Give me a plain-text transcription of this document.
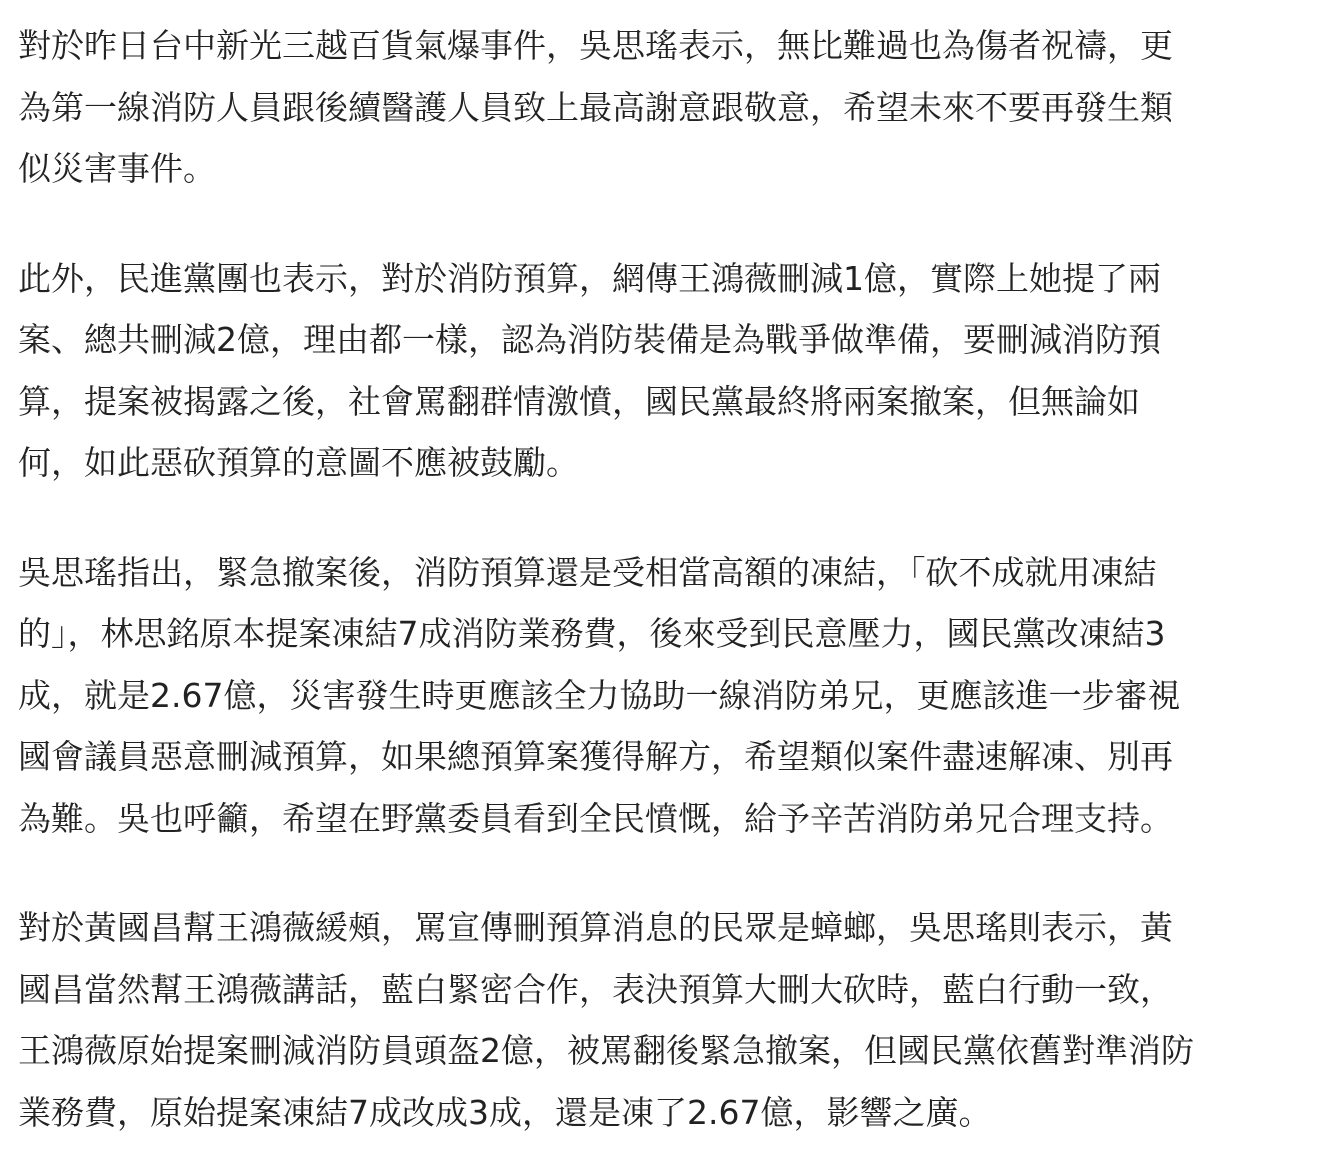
對於昨日台中新光三越百貨氣爆事件，吳思瑤表示，無比難過也為傷者祝禱，更
為第一線消防人員跟後續醫護人員致上最高謝意跟敬意，希望未來不要再發生類
似災害事件。

此外，民進黨團也表示，對於消防預算，網傳王鴻薇刪減1億，實際上她提了兩
案、總共刪減2億，理由都一樣，認為消防裝備是為戰爭做準備，要刪減消防預
算，提案被揭露之後，社會罵翻群情激憤，國民黨最終將兩案撤案，但無論如
何，如此惡砍預算的意圖不應被鼓勵。

吳思瑤指出，緊急撤案後，消防預算還是受相當高額的凍結，「砍不成就用凍結
的」，林思銘原本提案凍結7成消防業務費，後來受到民意壓力，國民黨改凍結3
成，就是2.67億，災害發生時更應該全力協助一線消防弟兄，更應該進一步審視
國會議員惡意刪減預算，如果總預算案獲得解方，希望類似案件盡速解凍、別再
為難。吳也呼籲，希望在野黨委員看到全民憤慨，給予辛苦消防弟兄合理支持。

對於黃國昌幫王鴻薇緩頰，罵宣傳刪預算消息的民眾是蟑螂，吳思瑤則表示，黃
國昌當然幫王鴻薇講話，藍白緊密合作，表決預算大刪大砍時，藍白行動一致，
王鴻薇原始提案刪減消防員頭盔2億，被罵翻後緊急撤案，但國民黨依舊對準消防
業務費，原始提案凍結7成改成3成，還是凍了2.67億，影響之廣。
